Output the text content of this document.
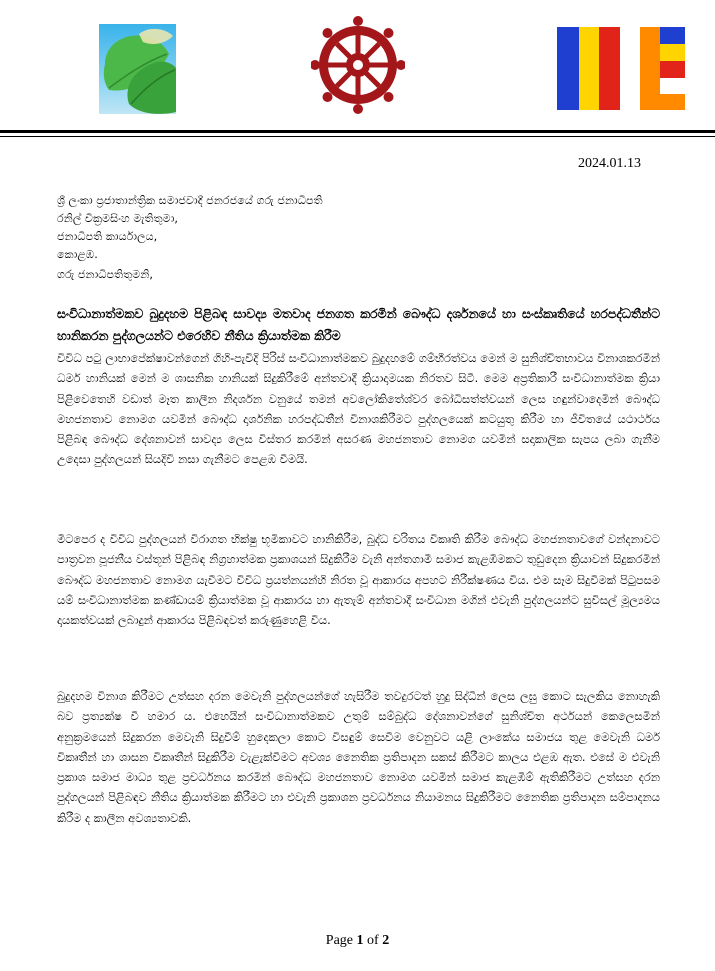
2024.01.13
ශ්‍රී ලංකා ප්‍රජාතාන්ත්‍රික සමාජවාදී ජනරජයේ ගරු ජනාධිපති
රනිල් වික්‍රමසිංහ මැතිතුමා,
ජනාධිපති කාර්යාලය,
කොළඹ.
ගරු ජනාධිපතිතුමනි,
සංවිධානාත්මකව බුදුදහම පිළිබඳ සාවද්‍ය මතවාද ජනගත කරමින් බෞද්ධ දර්ශනයේ හා සංස්කෘතියේ හරපද්ධතීන්ට හානිකරන පුද්ගලයන්ට එරෙහිව නීතිය ක්‍රියාත්මක කිරීම
විවිධ පටු ලාභාපේක්ෂාවන්ගෙන් ගිහි-පැවිදි පිරිස් සංවිධානාත්මකව බුදුදහමේ ගම්භීරත්වය මෙන් ම සුනිශ්චිතභාවය විනාශකරමින් ධර්ම හානියක් මෙන් ම ශාසනික හානියක් සිදුකිරීමේ අන්තවාදී ක්‍රියාදාමයක නිරතව සිටී. මෙම අප්‍රතිකාරී සංවිධානාත්මක ක්‍රියා පිළිවෙතෙහි වඩාත් මෑත කාලීන නිදර්ශන වනුයේ තමන් අවලෝකිතේශ්වර බෝධිසත්ත්වයන් ලෙස හඳුන්වාදෙමින් බෞද්ධ මහජනතාව නොමග යවමින් බෞද්ධ දාර්ශනික හරපද්ධතීන් විනාශකිරීමට පුද්ගලයෙක් කටයුතු කිරීම හා ජීවිතයේ යථාර්ථය පිළිබඳ බෞද්ධ දේශනාවන් සාවද්‍ය ලෙස විස්තර කරමින් අසරණ මහජනතාව නොමග යවමින් සදාකාලික සැපය ලබා ගැනීම උදෙසා පුද්ගලයන් සියදිවි නසා ගැනීමට පෙළඹ වීමයි.
මීටපෙර ද විවිධ පුද්ගලයන් විරාගත භික්ෂු භූමිකාවට හානිකිරීම, බුද්ධ චරිතය විකෘති කිරීම බෞද්ධ මහජනතාවගේ වන්දනාවට පාත්‍රවන පූජනීය වස්තූන් පිළිබඳ නිග්‍රහාත්මක ප්‍රකාශයන් සිදුකිරීම වැනි අන්තගාමී සමාජ කැළඹීමකට තුඩුදෙන ක්‍රියාවන් සිදුකරමින් බෞද්ධ මහජනතාව නොමග යැවීමට විවිධ ප්‍රයත්නයන්හි නිරත වූ ආකාරය අපහට නිරීක්ෂණය විය. එම සෑම සිදුවීමක් පිටුපසම යම් සංවිධානාත්මක කණ්ඩායම් ක්‍රියාත්මක වූ ආකාරය හා ඇතැම් අන්තවාදී සංවිධාන මගින් එවැනි පුද්ගලයන්ට සුවිසල් මූල්‍යමය දායකත්වයක් ලබාදුන් ආකාරය පිළිබඳවත් කරුණුහෙළි විය.
බුදුදහම විනාශ කිරීමට උත්සහ දරන මෙවැනි පුද්ගලයන්ගේ හැසිරීම තවදුරටත් හුදු සිද්ධීන් ලෙස ලඝු කොට සැලකිය නොහැකි බව ප්‍රත්‍යක්ෂ වී හමාර ය. එහෙයින් සංවිධානාත්මකව උතුම් සම්බුද්ධ දේශනාවන්ගේ සුනිශ්චිත අර්ථයන් කෙලෙසමින් අනුක්‍රමයෙන් සිදුකරන මෙවැනි සිදුවීම් හුදෙකලා කොට විසඳුම් සෙවීම වෙනුවට යළි ලාංකේය සමාජය තුළ මෙවැනි ධර්ම විකෘතීන් හා ශාසන විකෘතීන් සිදුකිරීම වැළැක්වීමට අවශ්‍ය නෛතික ප්‍රතිපාදන සකස් කිරීමට කාලය එළඹ ඇත. එසේ ම එවැනි ප්‍රකාශ සමාජ මාධ්‍ය තුළ ප්‍රචර්ධනය කරමින් බෞද්ධ මහජනතාව නොමග යවමින් සමාජ කැළඹීම් ඇතිකිරීමට උත්සහ දරන පුද්ගලයන් පිළිබඳව නීතිය ක්‍රියාත්මක කිරීමට හා එවැනි ප්‍රකාශන ප්‍රවර්ධනය නියාමනය සිදුකිරීමට නෛතික ප්‍රතිපාදන සම්පාදනය කිරීම ද කාලීන අවශ්‍යතාවකි.
Page 1 of 2
